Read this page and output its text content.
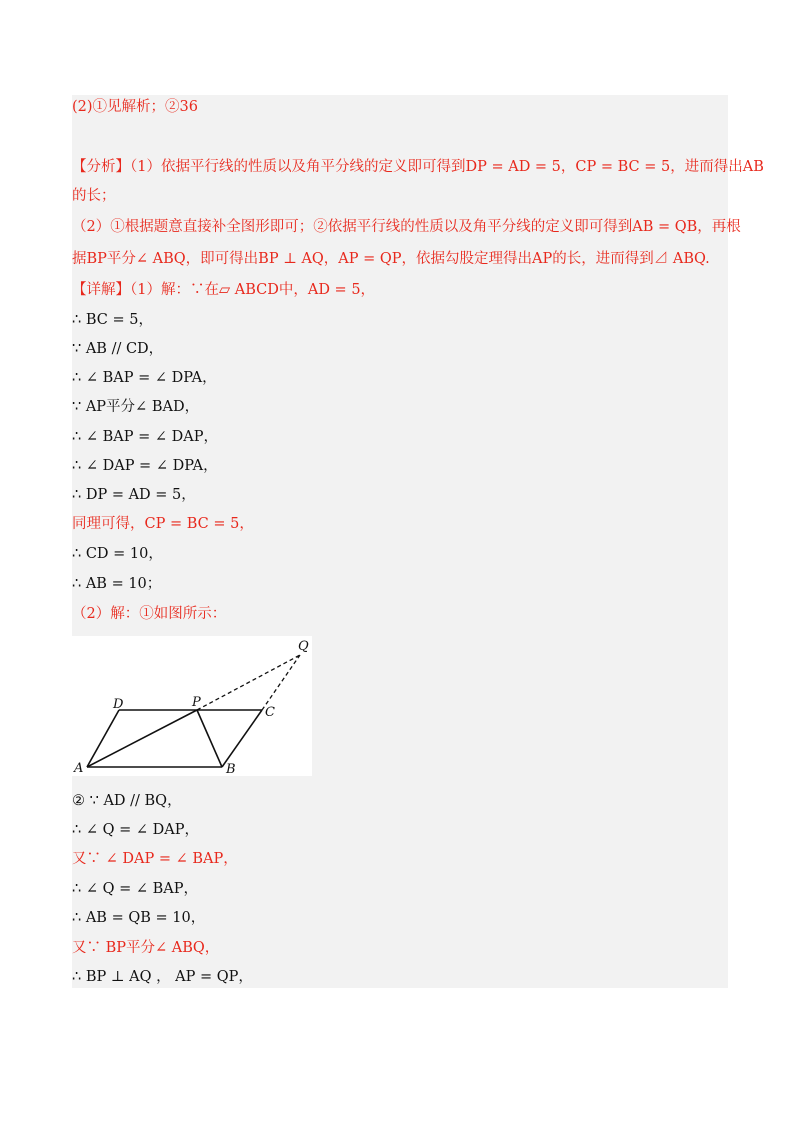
(2)①见解析；②36
【分析】（1）依据平行线的性质以及角平分线的定义即可得到DP = AD = 5，CP = BC = 5，进而得出AB
的长；
（2）①根据题意直接补全图形即可；②依据平行线的性质以及角平分线的定义即可得到AB = QB，再根
据BP平分∠ ABQ，即可得出BP ⊥ AQ，AP = QP，依据勾股定理得出AP的长，进而得到⊿ ABQ.
【详解】（1）解：∵在▱ ABCD中，AD = 5，
∴ BC = 5，
∵ AB // CD，
∴ ∠ BAP = ∠ DPA，
∵ AP平分∠ BAD，
∴ ∠ BAP = ∠ DAP，
∴ ∠ DAP = ∠ DPA，
∴ DP = AD = 5，
同理可得，CP = BC = 5，
∴ CD = 10，
∴ AB = 10；
（2）解：①如图所示：
Q
D	P
C
A	B
② ∵ AD // BQ，
∴ ∠ Q = ∠ DAP，
又∵ ∠ DAP = ∠ BAP，
∴ ∠ Q = ∠ BAP，
∴ AB = QB = 10，
又∵ BP平分∠ ABQ，
∴ BP ⊥ AQ ， AP = QP，
